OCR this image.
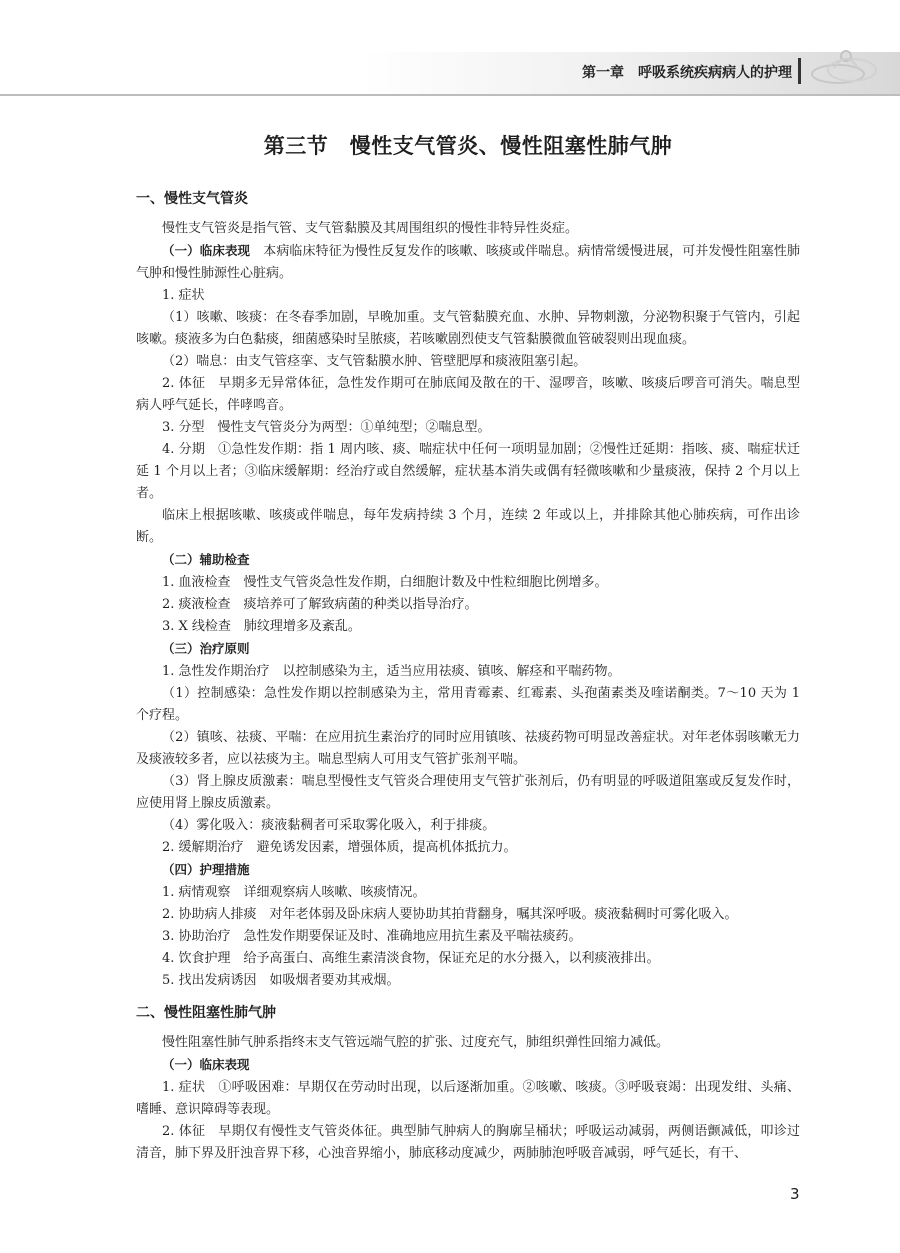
第一章　呼吸系统疾病病人的护理
第三节　慢性支气管炎、慢性阻塞性肺气肿
一、慢性支气管炎

慢性支气管炎是指气管、支气管黏膜及其周围组织的慢性非特异性炎症。

（一）临床表现　本病临床特征为慢性反复发作的咳嗽、咳痰或伴喘息。病情常缓慢进展，可并发慢性阻塞性肺气肿和慢性肺源性心脏病。

1. 症状

（1）咳嗽、咳痰：在冬春季加剧，早晚加重。支气管黏膜充血、水肿、异物刺激，分泌物积聚于气管内，引起咳嗽。痰液多为白色黏痰，细菌感染时呈脓痰，若咳嗽剧烈使支气管黏膜微血管破裂则出现血痰。

（2）喘息：由支气管痉挛、支气管黏膜水肿、管壁肥厚和痰液阻塞引起。

2. 体征　早期多无异常体征，急性发作期可在肺底闻及散在的干、湿啰音，咳嗽、咳痰后啰音可消失。喘息型病人呼气延长，伴哮鸣音。

3. 分型　慢性支气管炎分为两型：①单纯型；②喘息型。

4. 分期　①急性发作期：指 1 周内咳、痰、喘症状中任何一项明显加剧；②慢性迁延期：指咳、痰、喘症状迁延 1 个月以上者；③临床缓解期：经治疗或自然缓解，症状基本消失或偶有轻微咳嗽和少量痰液，保持 2 个月以上者。

临床上根据咳嗽、咳痰或伴喘息，每年发病持续 3 个月，连续 2 年或以上，并排除其他心肺疾病，可作出诊断。

（二）辅助检查

1. 血液检查　慢性支气管炎急性发作期，白细胞计数及中性粒细胞比例增多。

2. 痰液检查　痰培养可了解致病菌的种类以指导治疗。

3. X 线检查　肺纹理增多及紊乱。

（三）治疗原则

1. 急性发作期治疗　以控制感染为主，适当应用祛痰、镇咳、解痉和平喘药物。

（1）控制感染：急性发作期以控制感染为主，常用青霉素、红霉素、头孢菌素类及喹诺酮类。7～10 天为 1 个疗程。

（2）镇咳、祛痰、平喘：在应用抗生素治疗的同时应用镇咳、祛痰药物可明显改善症状。对年老体弱咳嗽无力及痰液较多者，应以祛痰为主。喘息型病人可用支气管扩张剂平喘。

（3）肾上腺皮质激素：喘息型慢性支气管炎合理使用支气管扩张剂后，仍有明显的呼吸道阻塞或反复发作时，应使用肾上腺皮质激素。

（4）雾化吸入：痰液黏稠者可采取雾化吸入，利于排痰。

2. 缓解期治疗　避免诱发因素，增强体质，提高机体抵抗力。

（四）护理措施

1. 病情观察　详细观察病人咳嗽、咳痰情况。

2. 协助病人排痰　对年老体弱及卧床病人要协助其拍背翻身，嘱其深呼吸。痰液黏稠时可雾化吸入。

3. 协助治疗　急性发作期要保证及时、准确地应用抗生素及平喘祛痰药。

4. 饮食护理　给予高蛋白、高维生素清淡食物，保证充足的水分摄入，以利痰液排出。

5. 找出发病诱因　如吸烟者要劝其戒烟。

二、慢性阻塞性肺气肿

慢性阻塞性肺气肿系指终末支气管远端气腔的扩张、过度充气，肺组织弹性回缩力减低。

（一）临床表现

1. 症状　①呼吸困难：早期仅在劳动时出现，以后逐渐加重。②咳嗽、咳痰。③呼吸衰竭：出现发绀、头痛、嗜睡、意识障碍等表现。

2. 体征　早期仅有慢性支气管炎体征。典型肺气肿病人的胸廓呈桶状；呼吸运动减弱，两侧语颤减低，叩诊过清音，肺下界及肝浊音界下移，心浊音界缩小，肺底移动度减少，两肺肺泡呼吸音减弱，呼气延长，有干、

3
